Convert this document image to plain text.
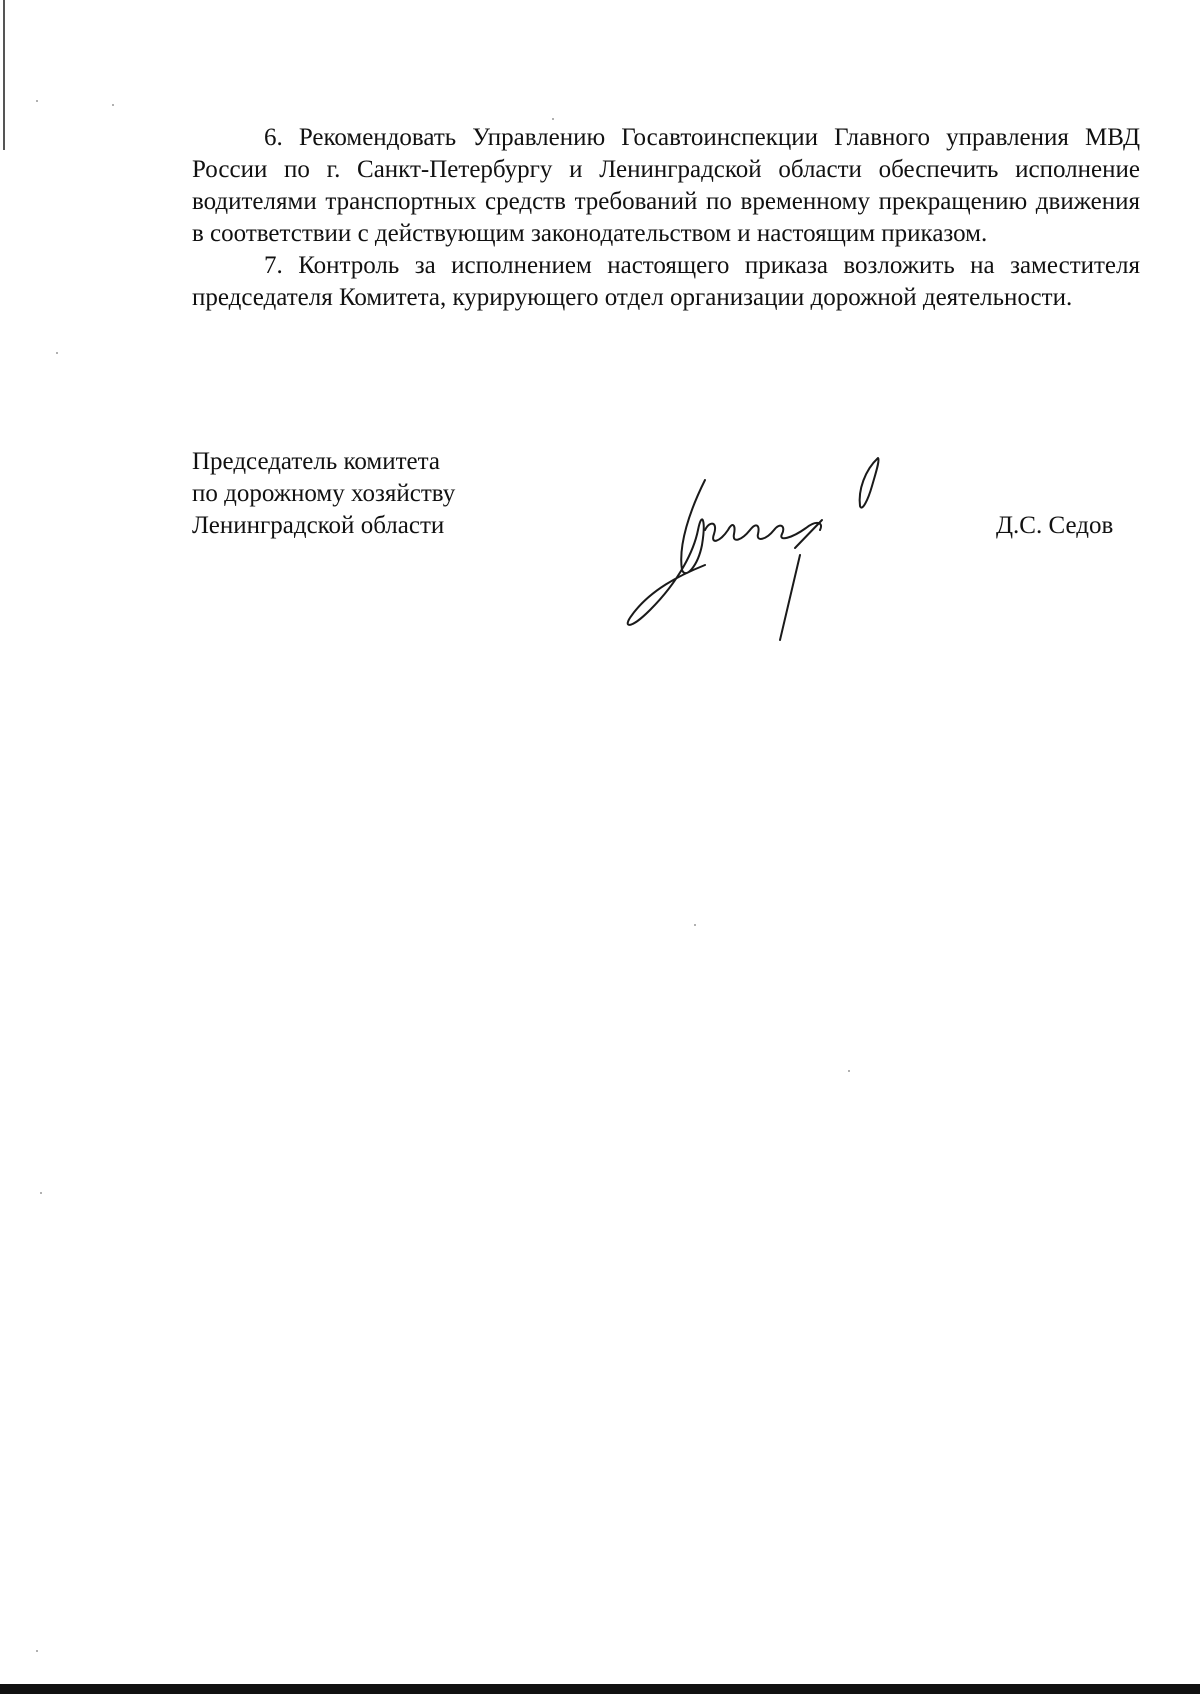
6. Рекомендовать Управлению Госавтоинспекции Главного управления МВД России по г. Санкт-Петербургу и Ленинградской области обеспечить исполнение водителями транспортных средств требований по временному прекращению движения в соответствии с действующим законодательством и настоящим приказом.

7. Контроль за исполнением настоящего приказа возложить на заместителя председателя Комитета, курирующего отдел организации дорожной деятельности.

Председатель комитета
по дорожному хозяйству
Ленинградской области	Д.С. Седов
